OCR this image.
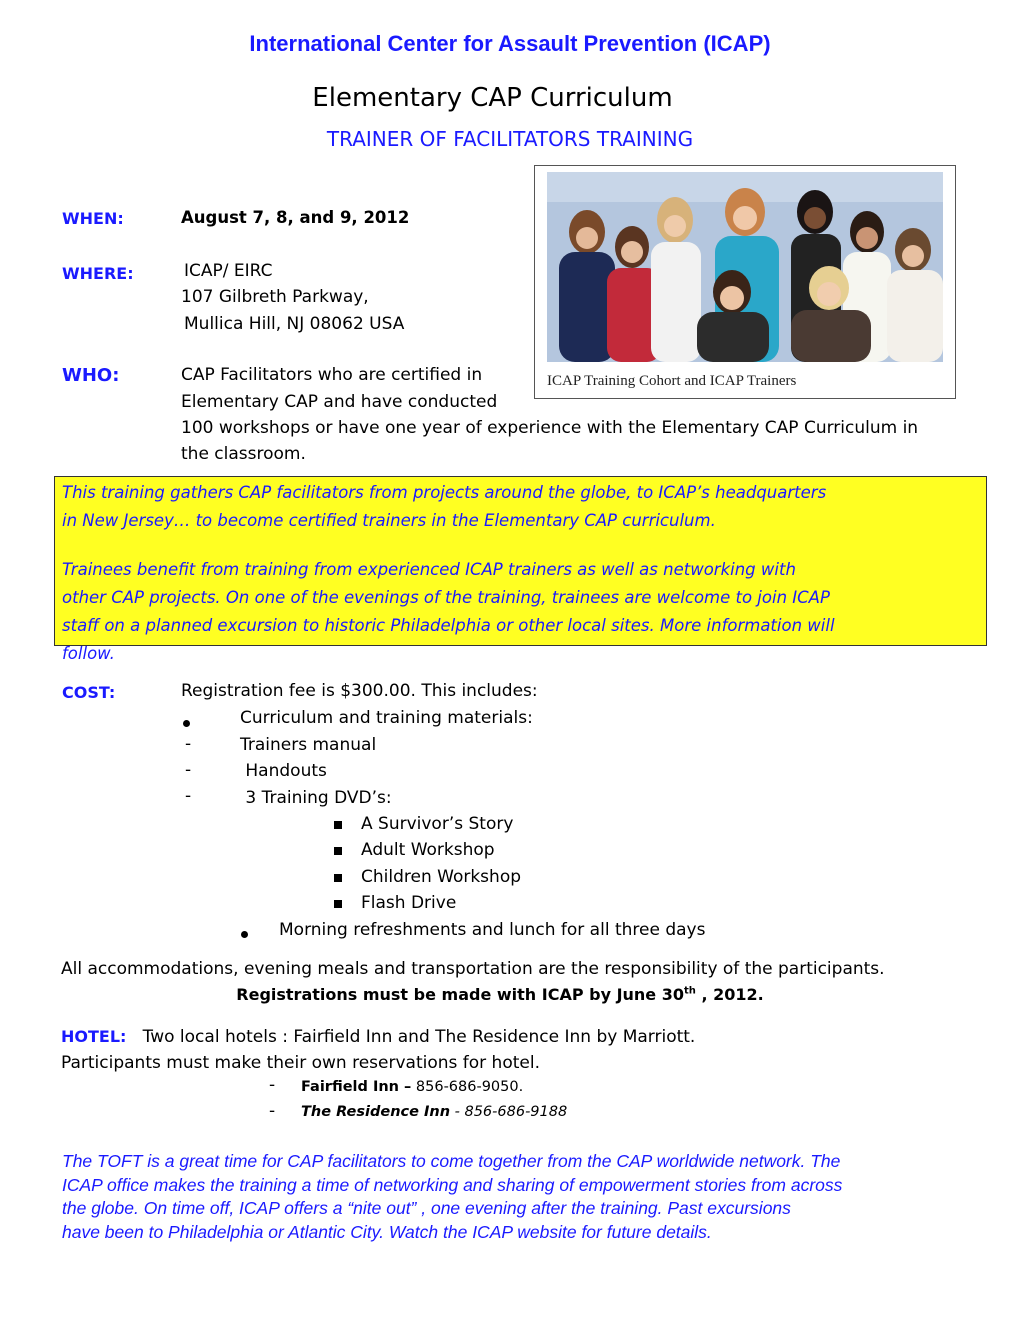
International Center for Assault Prevention (ICAP)
Elementary CAP Curriculum
TRAINER OF FACILITATORS TRAINING
WHEN:	August 7, 8, and 9, 2012
WHERE:	ICAP/ EIRC
107 Gilbreth Parkway,
Mullica Hill, NJ 08062 USA
WHO:	CAP Facilitators who are certified in
Elementary CAP and have conducted
100 workshops or have one year of experience with the Elementary CAP Curriculum in
the classroom.
ICAP Training Cohort and ICAP Trainers
This training gathers CAP facilitators from projects around the globe, to ICAP’s headquarters
in New Jersey… to become certified trainers in the Elementary CAP curriculum.
Trainees benefit from training from experienced ICAP trainers as well as networking with
other CAP projects. On one of the evenings of the training, trainees are welcome to join ICAP
staff on a planned excursion to historic Philadelphia or other local sites. More information will
follow.
COST:	Registration fee is $300.00. This includes:
Curriculum and training materials:
-	Trainers manual
-	Handouts
-	3 Training DVD’s:
A Survivor’s Story
Adult Workshop
Children Workshop
Flash Drive
Morning refreshments and lunch for all three days
All accommodations, evening meals and transportation are the responsibility of the participants.
Registrations must be made with ICAP by June 30th , 2012.
HOTEL: Two local hotels : Fairfield Inn and The Residence Inn by Marriott.
Participants must make their own reservations for hotel.
- Fairfield Inn – 856-686-9050.
- The Residence Inn - 856-686-9188
The TOFT is a great time for CAP facilitators to come together from the CAP worldwide network. The
ICAP office makes the training a time of networking and sharing of empowerment stories from across
the globe. On time off, ICAP offers a “nite out” , one evening after the training. Past excursions
have been to Philadelphia or Atlantic City. Watch the ICAP website for future details.
